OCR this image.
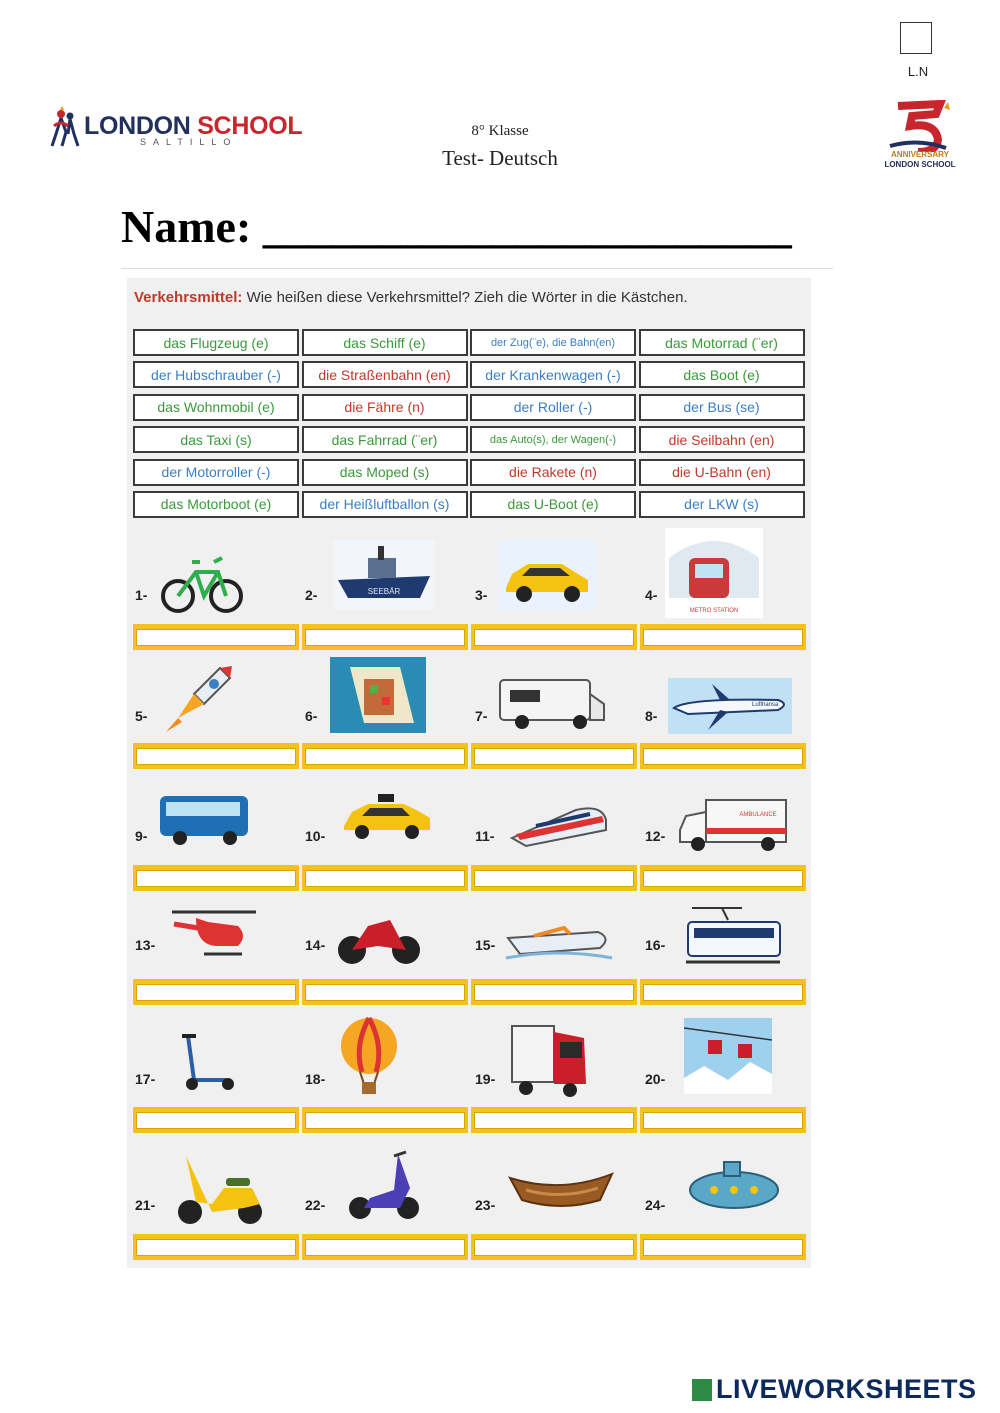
L.N
LONDON SCHOOL
SALTILLO
8° Klasse
Test- Deutsch	ANNIVERSARY
LONDON SCHOOL
Name: _______________________
Verkehrsmittel: Wie heißen diese Verkehrsmittel? Zieh die Wörter in die Kästchen.
das Flugzeug (e)	das Schiff (e)	der Zug(¨e), die Bahn(en)	das Motorrad (¨er)
der Hubschrauber (-)	die Straßenbahn (en)	der Krankenwagen (-)	das Boot (e)
das Wohnmobil (e)	die Fähre (n)	der Roller (-)	der Bus (se)
das Taxi (s)	das Fahrrad (¨er)	das Auto(s), der Wagen(-)	die Seilbahn (en)
der Motorroller (-)	das Moped (s)	die Rakete (n)	die U-Bahn (en)
das Motorboot (e)	der Heißluftballon (s)	das U-Boot (e)	der LKW (s)
1-	2-	SEEBÄR	3-	4-
METRO STATION
5-	6-	7-	8-
Lufthansa
9-	10-	11-	12-
AMBULANCE
13-	14-	15-	16-
17-	18-	19-	20-
21-	22-	23-	24-
LIVEWORKSHEETS
